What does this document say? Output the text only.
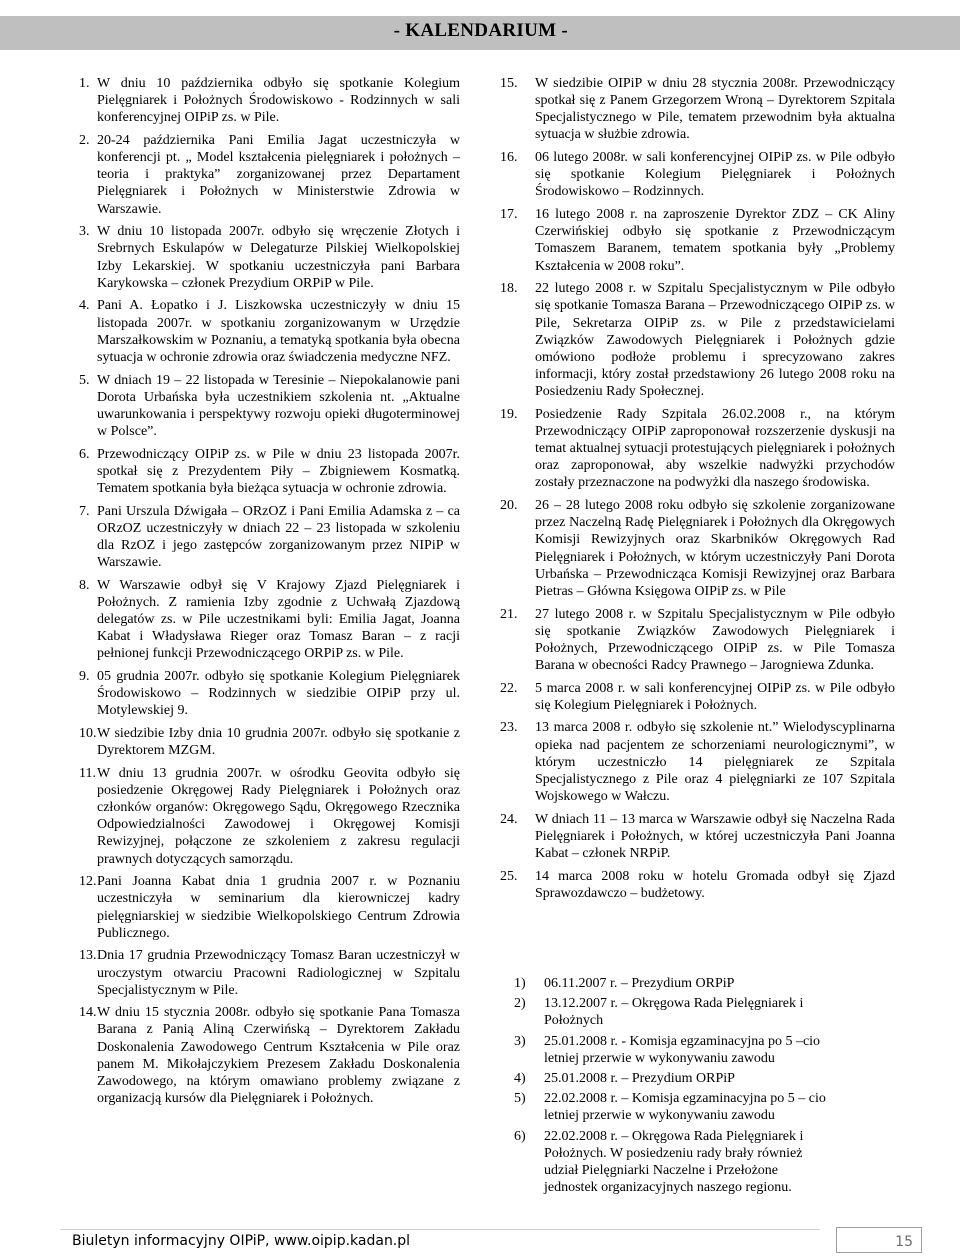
- KALENDARIUM -
1. W dniu 10 października odbyło się spotkanie Kolegium Pielęgniarek i Położnych Środowiskowo - Rodzinnych w sali konferencyjnej OIPiP zs. w Pile.
2. 20-24 października Pani Emilia Jagat uczestniczyła w konferencji pt. „ Model kształcenia pielęgniarek i położnych – teoria i praktyka” zorganizowanej przez Departament Pielęgniarek i Położnych w Ministerstwie Zdrowia w Warszawie.
3. W dniu 10 listopada 2007r. odbyło się wręczenie Złotych i Srebrnych Eskulapów w Delegaturze Pilskiej Wielkopolskiej Izby Lekarskiej. W spotkaniu uczestniczyła pani Barbara Karykowska – członek Prezydium ORPiP w Pile.
4. Pani A. Łopatko i J. Liszkowska uczestniczyły w dniu 15 listopada 2007r. w spotkaniu zorganizowanym w Urzędzie Marszałkowskim w Poznaniu, a tematyką spotkania była obecna sytuacja w ochronie zdrowia oraz świadczenia medyczne NFZ.
5. W dniach 19 – 22 listopada w Teresinie – Niepokalanowie pani Dorota Urbańska była uczestnikiem szkolenia nt. „Aktualne uwarunkowania i perspektywy rozwoju opieki długoterminowej w Polsce”.
6. Przewodniczący OIPiP zs. w Pile w dniu 23 listopada 2007r. spotkał się z Prezydentem Piły – Zbigniewem Kosmatką. Tematem spotkania była bieżąca sytuacja w ochronie zdrowia.
7. Pani Urszula Dźwigała – ORzOZ i Pani Emilia Adamska z – ca ORzOZ uczestniczyły w dniach 22 – 23 listopada w szkoleniu dla RzOZ i jego zastępców zorganizowanym przez NIPiP w Warszawie.
8. W Warszawie odbył się V Krajowy Zjazd Pielęgniarek i Położnych. Z ramienia Izby zgodnie z Uchwałą Zjazdową delegatów zs. w Pile uczestnikami byli: Emilia Jagat, Joanna Kabat i Władysława Rieger oraz Tomasz Baran – z racji pełnionej funkcji Przewodniczącego ORPiP zs. w Pile.
9. 05 grudnia 2007r. odbyło się spotkanie Kolegium Pielęgniarek Środowiskowo – Rodzinnych w siedzibie OIPiP przy ul. Motylewskiej 9.
10. W siedzibie Izby dnia 10 grudnia 2007r. odbyło się spotkanie z Dyrektorem MZGM.
11. W dniu 13 grudnia 2007r. w ośrodku Geovita odbyło się posiedzenie Okręgowej Rady Pielęgniarek i Położnych oraz członków organów: Okręgowego Sądu, Okręgowego Rzecznika Odpowiedzialności Zawodowej i Okręgowej Komisji Rewizyjnej, połączone ze szkoleniem z zakresu regulacji prawnych dotyczących samorządu.
12. Pani Joanna Kabat dnia 1 grudnia 2007 r. w Poznaniu uczestniczyła w seminarium dla kierowniczej kadry pielęgniarskiej w siedzibie Wielkopolskiego Centrum Zdrowia Publicznego.
13. Dnia 17 grudnia Przewodniczący Tomasz Baran uczestniczył w uroczystym otwarciu Pracowni Radiologicznej w Szpitalu Specjalistycznym w Pile.
14. W dniu 15 stycznia 2008r. odbyło się spotkanie Pana Tomasza Barana z Panią Aliną Czerwińską – Dyrektorem Zakładu Doskonalenia Zawodowego Centrum Kształcenia w Pile oraz panem M. Mikołajczykiem Prezesem Zakładu Doskonalenia Zawodowego, na którym omawiano problemy związane z organizacją kursów dla Pielęgniarek i Położnych.
15.	W siedzibie OIPiP w dniu 28 stycznia 2008r. Przewodniczący spotkał się z Panem Grzegorzem Wroną – Dyrektorem Szpitala Specjalistycznego w Pile, tematem przewodnim była aktualna sytuacja w służbie zdrowia.
16.	06 lutego 2008r. w sali konferencyjnej OIPiP zs. w Pile odbyło się spotkanie Kolegium Pielęgniarek i Położnych Środowiskowo – Rodzinnych.
17.	16 lutego 2008 r. na zaproszenie Dyrektor ZDZ – CK Aliny Czerwińskiej odbyło się spotkanie z Przewodniczącym Tomaszem Baranem, tematem spotkania były „Problemy Kształcenia w 2008 roku”.
18.	22 lutego 2008 r. w Szpitalu Specjalistycznym w Pile odbyło się spotkanie Tomasza Barana – Przewodniczącego OIPiP zs. w Pile, Sekretarza OIPiP zs. w Pile z przedstawicielami Związków Zawodowych Pielęgniarek i Położnych gdzie omówiono podłoże problemu i sprecyzowano zakres informacji, który został przedstawiony 26 lutego 2008 roku na Posiedzeniu Rady Społecznej.
19.	Posiedzenie Rady Szpitala 26.02.2008 r., na którym Przewodniczący OIPiP zaproponował rozszerzenie dyskusji na temat aktualnej sytuacji protestujących pielęgniarek i położnych oraz zaproponował, aby wszelkie nadwyżki przychodów zostały przeznaczone na podwyżki dla naszego środowiska.
20.	26 – 28 lutego 2008 roku odbyło się szkolenie zorganizowane przez Naczelną Radę Pielęgniarek i Położnych dla Okręgowych Komisji Rewizyjnych oraz Skarbników Okręgowych Rad Pielęgniarek i Położnych, w którym uczestniczyły Pani Dorota Urbańska – Przewodnicząca Komisji Rewizyjnej oraz Barbara Pietras – Główna Księgowa OIPiP zs. w Pile
21.	27 lutego 2008 r. w Szpitalu Specjalistycznym w Pile odbyło się spotkanie Związków Zawodowych Pielęgniarek i Położnych, Przewodniczącego OIPiP zs. w Pile Tomasza Barana w obecności Radcy Prawnego – Jarogniewa Zdunka.
22.	5 marca 2008 r. w sali konferencyjnej OIPiP zs. w Pile odbyło się Kolegium Pielęgniarek i Położnych.
23.	13 marca 2008 r. odbyło się szkolenie nt.” Wielodyscyplinarna opieka nad pacjentem ze schorzeniami neurologicznymi”, w którym uczestniczło 14 pielęgniarek ze Szpitala Specjalistycznego z Pile oraz 4 pielęgniarki ze 107 Szpitala Wojskowego w Wałczu.
24.	W dniach 11 – 13 marca w Warszawie odbył się Naczelna Rada Pielęgniarek i Położnych, w której uczestniczyła Pani Joanna Kabat – członek NRPiP.
25.	14 marca 2008 roku w hotelu Gromada odbył się Zjazd Sprawozdawczo – budżetowy.
1) 06.11.2007 r. – Prezydium ORPiP
2) 13.12.2007 r. – Okręgowa Rada Pielęgniarek i Położnych
3) 25.01.2008 r. - Komisja egzaminacyjna po 5 –cio letniej przerwie w wykonywaniu zawodu
4) 25.01.2008 r. – Prezydium ORPiP
5) 22.02.2008 r. – Komisja egzaminacyjna po 5 – cio letniej przerwie w wykonywaniu zawodu
6) 22.02.2008 r. – Okręgowa Rada Pielęgniarek i Położnych. W posiedzeniu rady brały również udział Pielęgniarki Naczelne i Przełożone jednostek organizacyjnych naszego regionu.
Biuletyn informacyjny OIPiP, www.oipip.kadan.pl	15
